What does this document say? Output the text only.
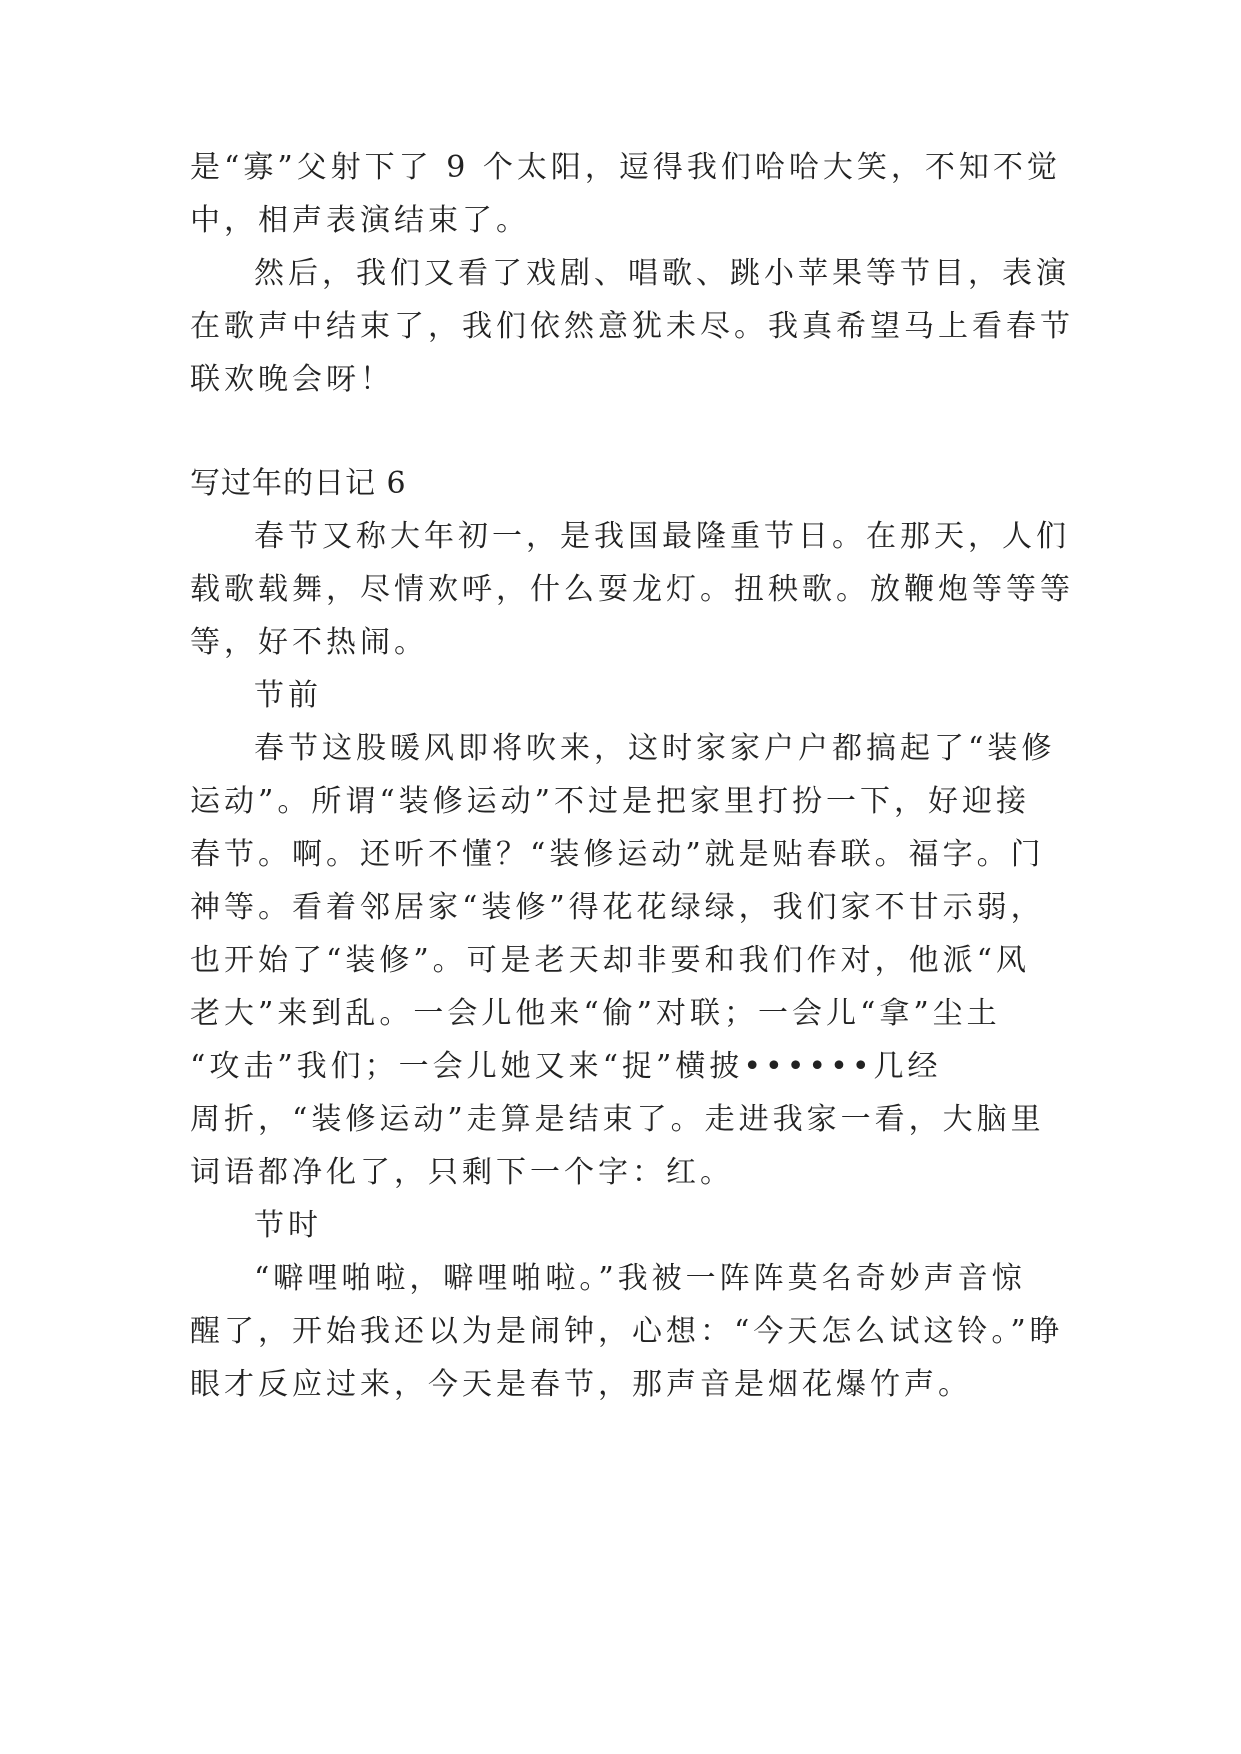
是“寡”父射下了 9 个太阳，逗得我们哈哈大笑，不知不觉
中，相声表演结束了。
然后，我们又看了戏剧、唱歌、跳小苹果等节目，表演
在歌声中结束了，我们依然意犹未尽。我真希望马上看春节
联欢晚会呀！
写过年的日记 6
春节又称大年初一，是我国最隆重节日。在那天，人们
载歌载舞，尽情欢呼，什么耍龙灯。扭秧歌。放鞭炮等等等
等，好不热闹。
节前
春节这股暖风即将吹来，这时家家户户都搞起了“装修
运动”。所谓“装修运动”不过是把家里打扮一下，好迎接
春节。啊。还听不懂？“装修运动”就是贴春联。福字。门
神等。看着邻居家“装修”得花花绿绿，我们家不甘示弱，
也开始了“装修”。可是老天却非要和我们作对，他派“风
老大”来到乱。一会儿他来“偷”对联；一会儿“拿”尘土
“攻击”我们；一会儿她又来“捉”横披••••••几经
周折，“装修运动”走算是结束了。走进我家一看，大脑里
词语都净化了，只剩下一个字：红。
节时
“噼哩啪啦，噼哩啪啦。”我被一阵阵莫名奇妙声音惊
醒了，开始我还以为是闹钟，心想：“今天怎么试这铃。”睁
眼才反应过来，今天是春节，那声音是烟花爆竹声。
